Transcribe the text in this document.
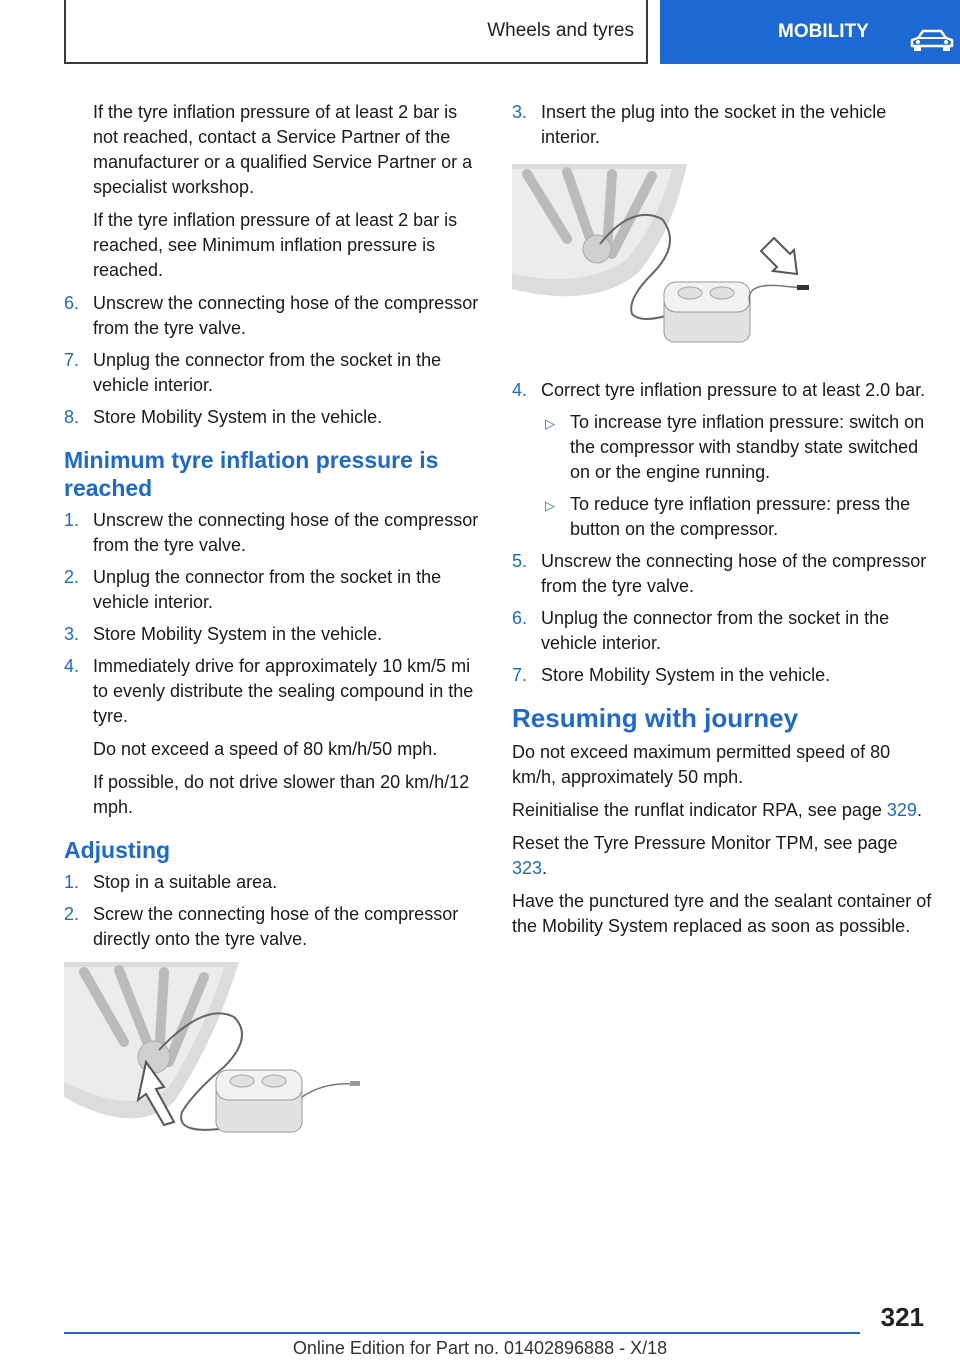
Wheels and tyres	MOBILITY

If the tyre inflation pressure of at least 2 bar is not reached, contact a Service Partner of the manufacturer or a qualified Service Partner or a specialist workshop.

If the tyre inflation pressure of at least 2 bar is reached, see Minimum inflation pressure is reached.

6. Unscrew the connecting hose of the compressor from the tyre valve.
7. Unplug the connector from the socket in the vehicle interior.
8. Store Mobility System in the vehicle.
Minimum tyre inflation pressure is reached
1. Unscrew the connecting hose of the compressor from the tyre valve.
2. Unplug the connector from the socket in the vehicle interior.
3. Store Mobility System in the vehicle.
4. Immediately drive for approximately 10 km/5 mi to evenly distribute the sealing compound in the tyre.
Do not exceed a speed of 80 km/h/50 mph.
If possible, do not drive slower than 20 km/h/12 mph.
Adjusting
1. Stop in a suitable area.
2. Screw the connecting hose of the compressor directly onto the tyre valve.
3. Insert the plug into the socket in the vehicle interior.
4. Correct tyre inflation pressure to at least 2.0 bar.
▷ To increase tyre inflation pressure: switch on the compressor with standby state switched on or the engine running.
▷ To reduce tyre inflation pressure: press the button on the compressor.
5. Unscrew the connecting hose of the compressor from the tyre valve.
6. Unplug the connector from the socket in the vehicle interior.
7. Store Mobility System in the vehicle.
Resuming with journey

Do not exceed maximum permitted speed of 80 km/h, approximately 50 mph.

Reinitialise the runflat indicator RPA, see page 329.

Reset the Tyre Pressure Monitor TPM, see page 323.

Have the punctured tyre and the sealant container of the Mobility System replaced as soon as possible.

321
Online Edition for Part no. 01402896888 - X/18
